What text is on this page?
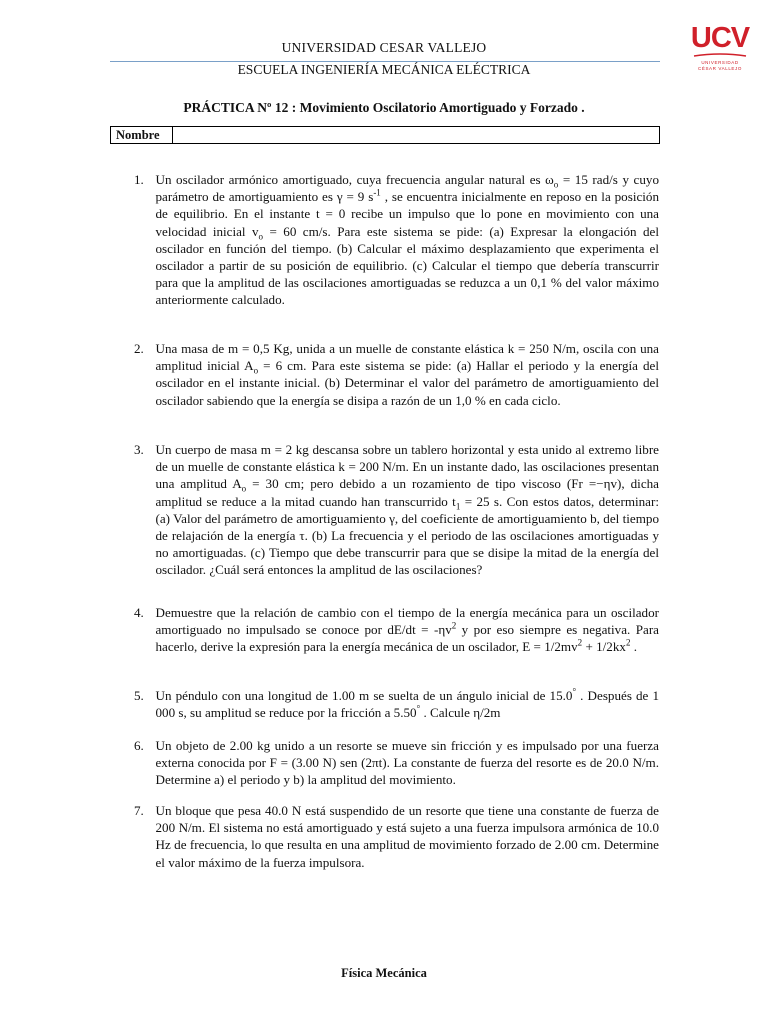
UNIVERSIDAD CESAR VALLEJO
ESCUELA INGENIERÍA MECÁNICA ELÉCTRICA
UCV
UNIVERSIDAD
CÉSAR VALLEJO
PRÁCTICA Nº 12 : Movimiento Oscilatorio Amortiguado y Forzado .
Nombre
1. Un oscilador armónico amortiguado, cuya frecuencia angular natural es $\omega_o = 15$ rad/s y cuyo parámetro de amortiguamiento es γ = 9 $s^{-1}$ , se encuentra inicialmente en reposo en la posición de equilibrio. En el instante t = 0 recibe un impulso que lo pone en movimiento con una velocidad inicial $v_o = 60$ cm/s. Para este sistema se pide: (a) Expresar la elongación del oscilador en función del tiempo. (b) Calcular el máximo desplazamiento que experimenta el oscilador a partir de su posición de equilibrio. (c) Calcular el tiempo que debería transcurrir para que la amplitud de las oscilaciones amortiguadas se reduzca a un 0,1 % del valor máximo anteriormente calculado.
2. Una masa de m = 0,5 Kg, unida a un muelle de constante elástica k = 250 N/m, oscila con una amplitud inicial $A_o = 6$ cm. Para este sistema se pide: (a) Hallar el periodo y la energía del oscilador en el instante inicial. (b) Determinar el valor del parámetro de amortiguamiento del oscilador sabiendo que la energía se disipa a razón de un 1,0 % en cada ciclo.
3. Un cuerpo de masa m = 2 kg descansa sobre un tablero horizontal y esta unido al extremo libre de un muelle de constante elástica k = 200 N/m. En un instante dado, las oscilaciones presentan una amplitud $A_o = 30$ cm; pero debido a un rozamiento de tipo viscoso (Fr =−ηv), dicha amplitud se reduce a la mitad cuando han transcurrido $t_1 = 25$ s. Con estos datos, determinar: (a) Valor del parámetro de amortiguamiento γ, del coeficiente de amortiguamiento b, del tiempo de relajación de la energía τ. (b) La frecuencia y el periodo de las oscilaciones amortiguadas y no amortiguadas. (c) Tiempo que debe transcurrir para que se disipe la mitad de la energía del oscilador. ¿Cuál será entonces la amplitud de las oscilaciones?
4. Demuestre que la relación de cambio con el tiempo de la energía mecánica para un oscilador amortiguado no impulsado se conoce por $dE/dt = -\eta v^2$ y por eso siempre es negativa. Para hacerlo, derive la expresión para la energía mecánica de un oscilador, $E = 1/2mv^2 + 1/2kx^2$ .
5. Un péndulo con una longitud de 1.00 m se suelta de un ángulo inicial de 15.0° . Después de 1 000 s, su amplitud se reduce por la fricción a 5.50° . Calcule η/2m
6. Un objeto de 2.00 kg unido a un resorte se mueve sin fricción y es impulsado por una fuerza externa conocida por F = (3.00 N) sen (2πt). La constante de fuerza del resorte es de 20.0 N/m. Determine a) el periodo y b) la amplitud del movimiento.
7. Un bloque que pesa 40.0 N está suspendido de un resorte que tiene una constante de fuerza de 200 N/m. El sistema no está amortiguado y está sujeto a una fuerza impulsora armónica de 10.0 Hz de frecuencia, lo que resulta en una amplitud de movimiento forzado de 2.00 cm. Determine el valor máximo de la fuerza impulsora.
Física Mecánica
